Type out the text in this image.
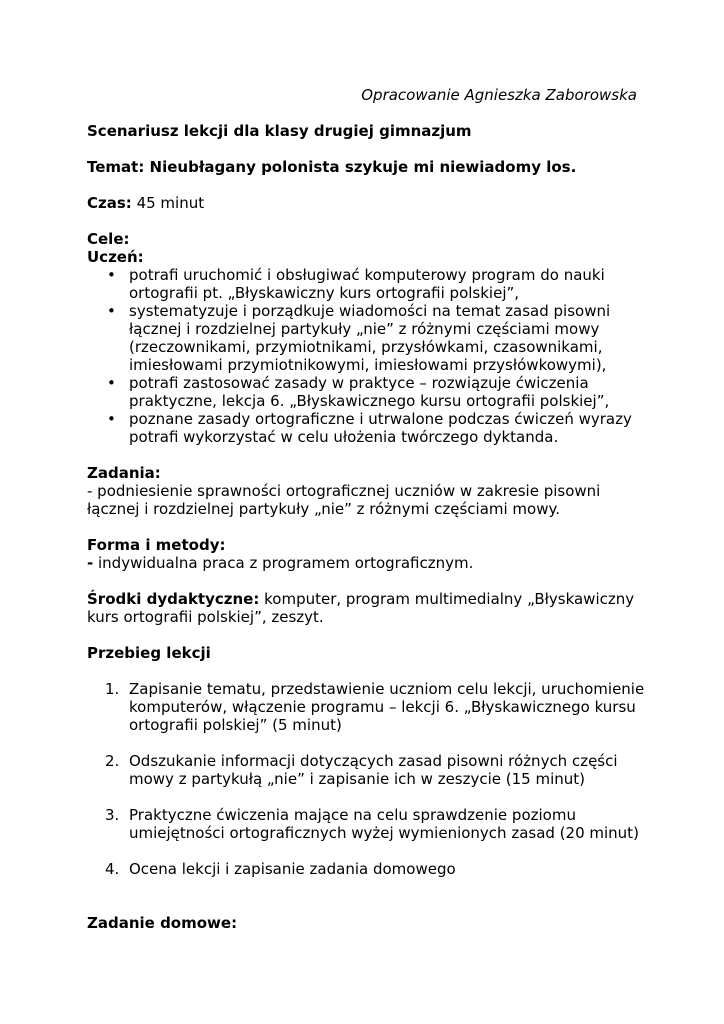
Opracowanie Agnieszka Zaborowska

Scenariusz lekcji dla klasy drugiej gimnazjum

Temat: Nieubłagany polonista szykuje mi niewiadomy los.

Czas: 45 minut

Cele:

Uczeń:

• potrafi uruchomić i obsługiwać komputerowy program do nauki ortografii pt. „Błyskawiczny kurs ortografii polskiej”,
• systematyzuje i porządkuje wiadomości na temat zasad pisowni łącznej i rozdzielnej partykuły „nie” z różnymi częściami mowy (rzeczownikami, przymiotnikami, przysłówkami, czasownikami, imiesłowami przymiotnikowymi, imiesłowami przysłówkowymi),
• potrafi zastosować zasady w praktyce – rozwiązuje ćwiczenia praktyczne, lekcja 6. „Błyskawicznego kursu ortografii polskiej”,
• poznane zasady ortograficzne i utrwalone podczas ćwiczeń wyrazy potrafi wykorzystać w celu ułożenia twórczego dyktanda.

Zadania:

- podniesienie sprawności ortograficznej uczniów w zakresie pisowni łącznej i rozdzielnej partykuły „nie” z różnymi częściami mowy.

Forma i metody:

- indywidualna praca z programem ortograficznym.

Środki dydaktyczne: komputer, program multimedialny „Błyskawiczny kurs ortografii polskiej”, zeszyt.

Przebieg lekcji

1. Zapisanie tematu, przedstawienie uczniom celu lekcji, uruchomienie komputerów, włączenie programu – lekcji 6. „Błyskawicznego kursu ortografii polskiej” (5 minut)
2. Odszukanie informacji dotyczących zasad pisowni różnych części mowy z partykułą „nie” i zapisanie ich w zeszycie (15 minut)
3. Praktyczne ćwiczenia mające na celu sprawdzenie poziomu umiejętności ortograficznych wyżej wymienionych zasad (20 minut)
4. Ocena lekcji i zapisanie zadania domowego

Zadanie domowe:
